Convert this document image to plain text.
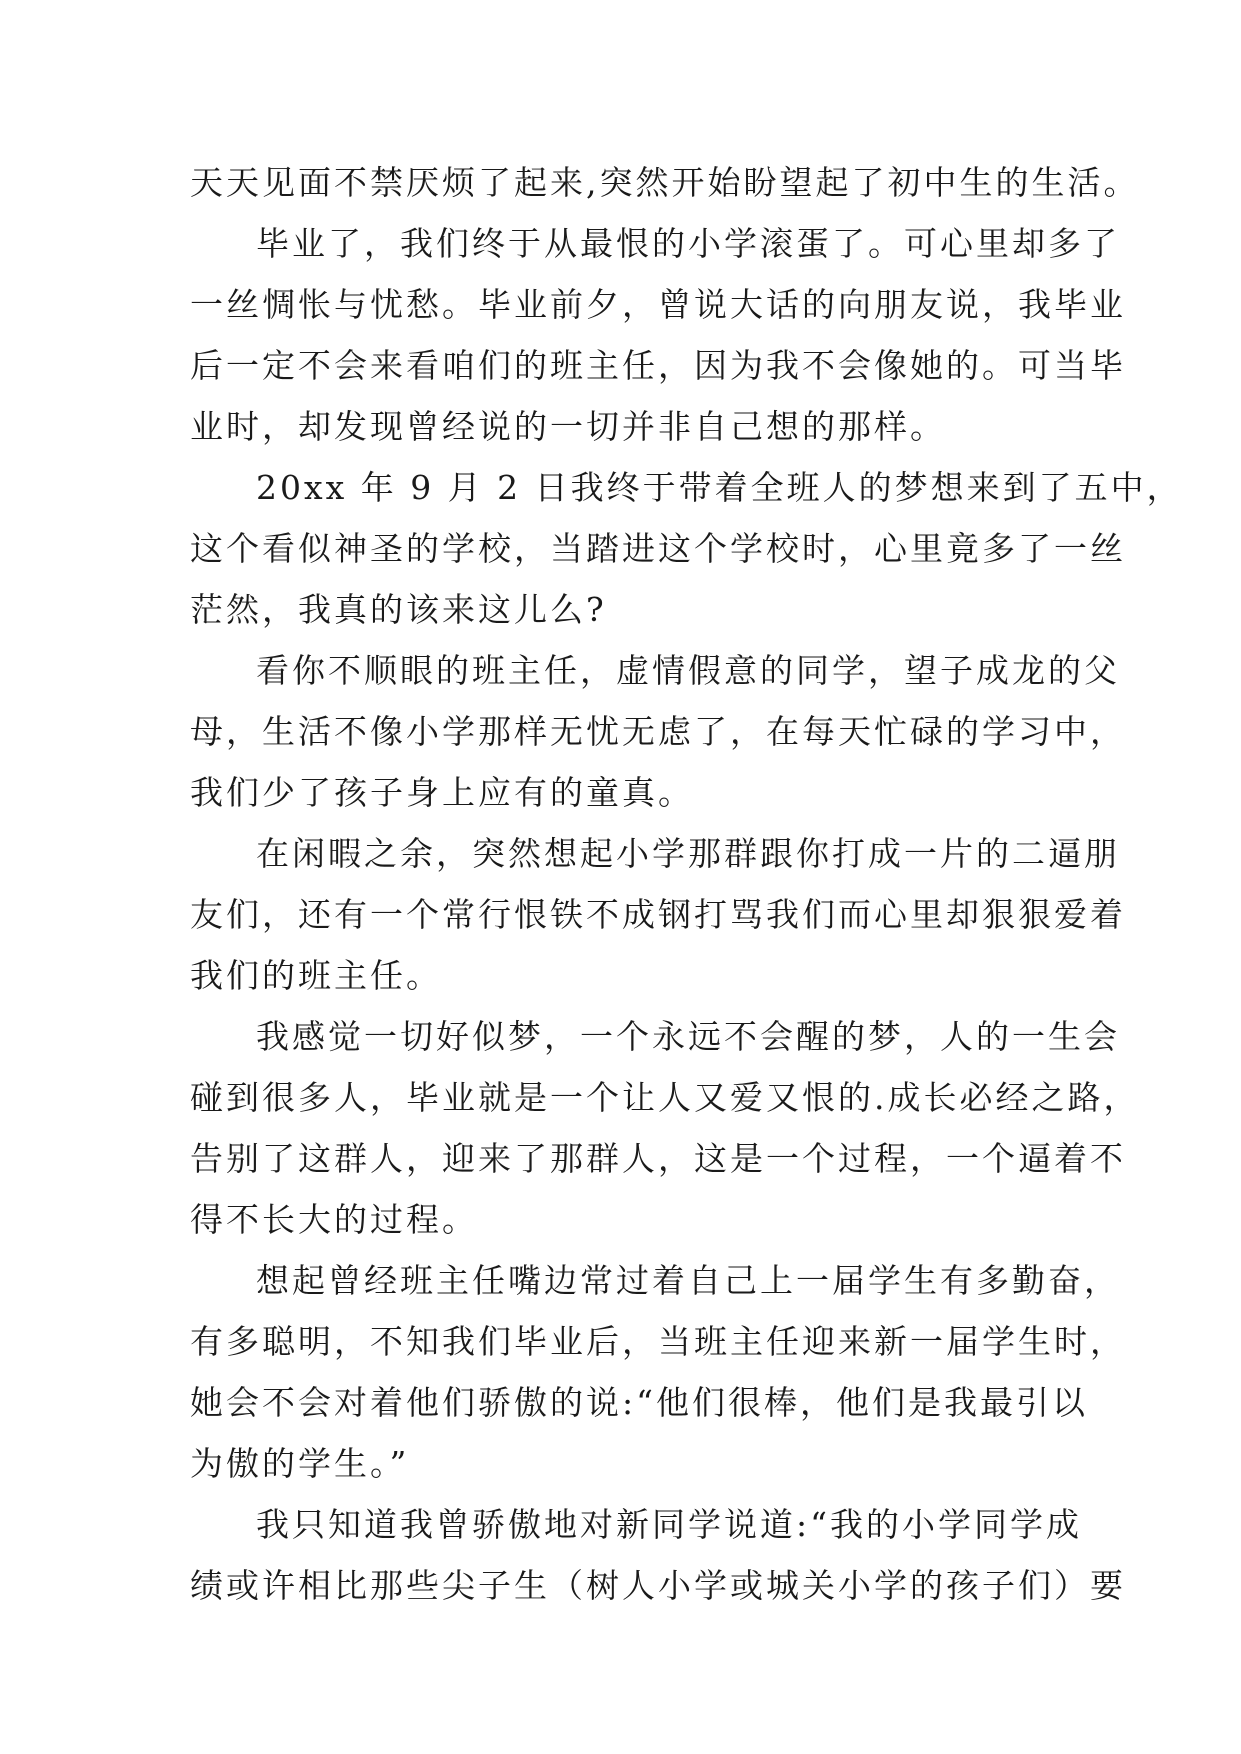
天天见面不禁厌烦了起来,突然开始盼望起了初中生的生活。
毕业了，我们终于从最恨的小学滚蛋了。可心里却多了
一丝惆怅与忧愁。毕业前夕，曾说大话的向朋友说，我毕业
后一定不会来看咱们的班主任，因为我不会像她的。可当毕
业时，却发现曾经说的一切并非自己想的那样。
20xx 年 9 月 2 日我终于带着全班人的梦想来到了五中，
这个看似神圣的学校，当踏进这个学校时，心里竟多了一丝
茫然，我真的该来这儿么?
看你不顺眼的班主任，虚情假意的同学，望子成龙的父
母，生活不像小学那样无忧无虑了，在每天忙碌的学习中，
我们少了孩子身上应有的童真。
在闲暇之余，突然想起小学那群跟你打成一片的二逼朋
友们，还有一个常行恨铁不成钢打骂我们而心里却狠狠爱着
我们的班主任。
我感觉一切好似梦，一个永远不会醒的梦，人的一生会
碰到很多人，毕业就是一个让人又爱又恨的.成长必经之路，
告别了这群人，迎来了那群人，这是一个过程，一个逼着不
得不长大的过程。
想起曾经班主任嘴边常过着自己上一届学生有多勤奋，
有多聪明，不知我们毕业后，当班主任迎来新一届学生时，
她会不会对着他们骄傲的说:“他们很棒，他们是我最引以
为傲的学生。”
我只知道我曾骄傲地对新同学说道:“我的小学同学成
绩或许相比那些尖子生（树人小学或城关小学的孩子们）要
